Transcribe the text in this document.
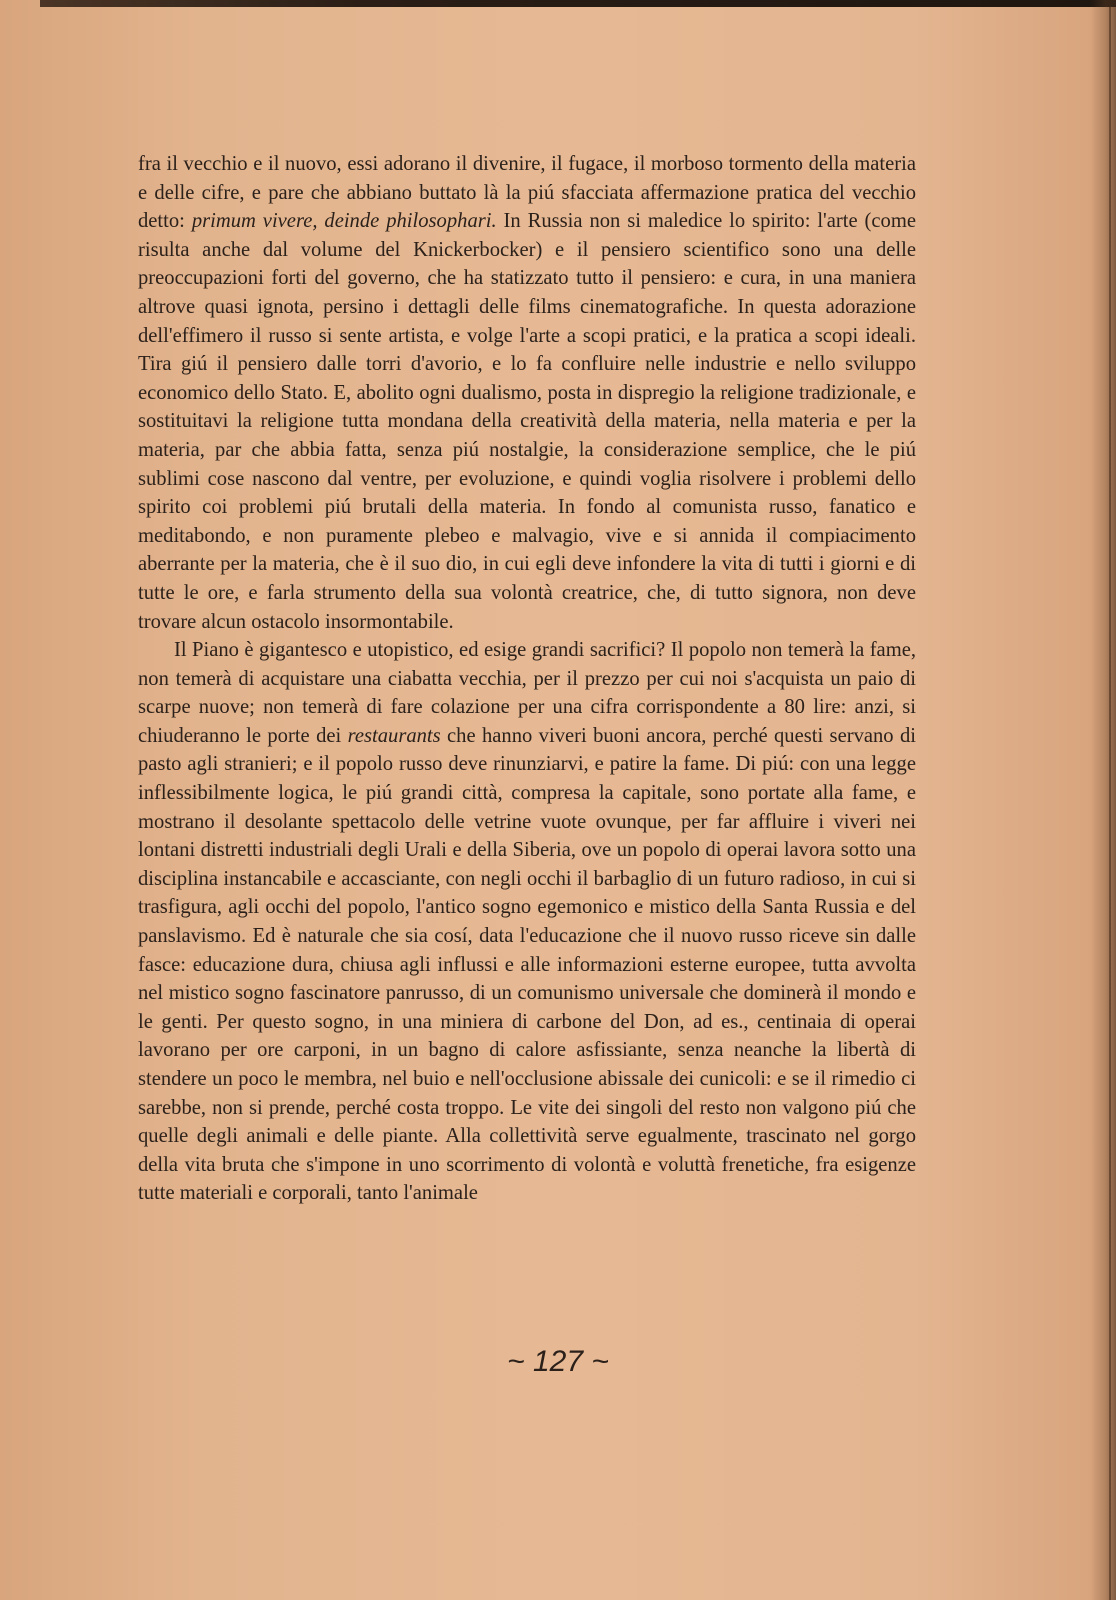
fra il vecchio e il nuovo, essi adorano il divenire, il fugace, il morboso tormento della materia e delle cifre, e pare che abbiano buttato là la piú sfacciata affermazione pratica del vecchio detto: primum vivere, deinde philosophari. In Russia non si maledice lo spirito: l'arte (come risulta anche dal volume del Knickerbocker) e il pensiero scientifico sono una delle preoccupazioni forti del governo, che ha statizzato tutto il pensiero: e cura, in una maniera altrove quasi ignota, persino i dettagli delle films cinematografiche. In questa adorazione dell'effimero il russo si sente artista, e volge l'arte a scopi pratici, e la pratica a scopi ideali. Tira giú il pensiero dalle torri d'avorio, e lo fa confluire nelle industrie e nello sviluppo economico dello Stato. E, abolito ogni dualismo, posta in dispregio la religione tradizionale, e sostituitavi la religione tutta mondana della creatività della materia, nella materia e per la materia, par che abbia fatta, senza piú nostalgie, la considerazione semplice, che le piú sublimi cose nascono dal ventre, per evoluzione, e quindi voglia risolvere i problemi dello spirito coi problemi piú brutali della materia. In fondo al comunista russo, fanatico e meditabondo, e non puramente plebeo e malvagio, vive e si annida il compiacimento aberrante per la materia, che è il suo dio, in cui egli deve infondere la vita di tutti i giorni e di tutte le ore, e farla strumento della sua volontà creatrice, che, di tutto signora, non deve trovare alcun ostacolo insormontabile.

Il Piano è gigantesco e utopistico, ed esige grandi sacrifici? Il popolo non temerà la fame, non temerà di acquistare una ciabatta vecchia, per il prezzo per cui noi s'acquista un paio di scarpe nuove; non temerà di fare colazione per una cifra corrispondente a 80 lire: anzi, si chiuderanno le porte dei restaurants che hanno viveri buoni ancora, perché questi servano di pasto agli stranieri; e il popolo russo deve rinunziarvi, e patire la fame. Di piú: con una legge inflessibilmente logica, le piú grandi città, compresa la capitale, sono portate alla fame, e mostrano il desolante spettacolo delle vetrine vuote ovunque, per far affluire i viveri nei lontani distretti industriali degli Urali e della Siberia, ove un popolo di operai lavora sotto una disciplina instancabile e accasciante, con negli occhi il barbaglio di un futuro radioso, in cui si trasfigura, agli occhi del popolo, l'antico sogno egemonico e mistico della Santa Russia e del panslavismo. Ed è naturale che sia cosí, data l'educazione che il nuovo russo riceve sin dalle fasce: educazione dura, chiusa agli influssi e alle informazioni esterne europee, tutta avvolta nel mistico sogno fascinatore panrusso, di un comunismo universale che dominerà il mondo e le genti. Per questo sogno, in una miniera di carbone del Don, ad es., centinaia di operai lavorano per ore carponi, in un bagno di calore asfissiante, senza neanche la libertà di stendere un poco le membra, nel buio e nell'occlusione abissale dei cunicoli: e se il rimedio ci sarebbe, non si prende, perché costa troppo. Le vite dei singoli del resto non valgono piú che quelle degli animali e delle piante. Alla collettività serve egualmente, trascinato nel gorgo della vita bruta che s'impone in uno scorrimento di volontà e voluttà frenetiche, fra esigenze tutte materiali e corporali, tanto l'animale

~ 127 ~
